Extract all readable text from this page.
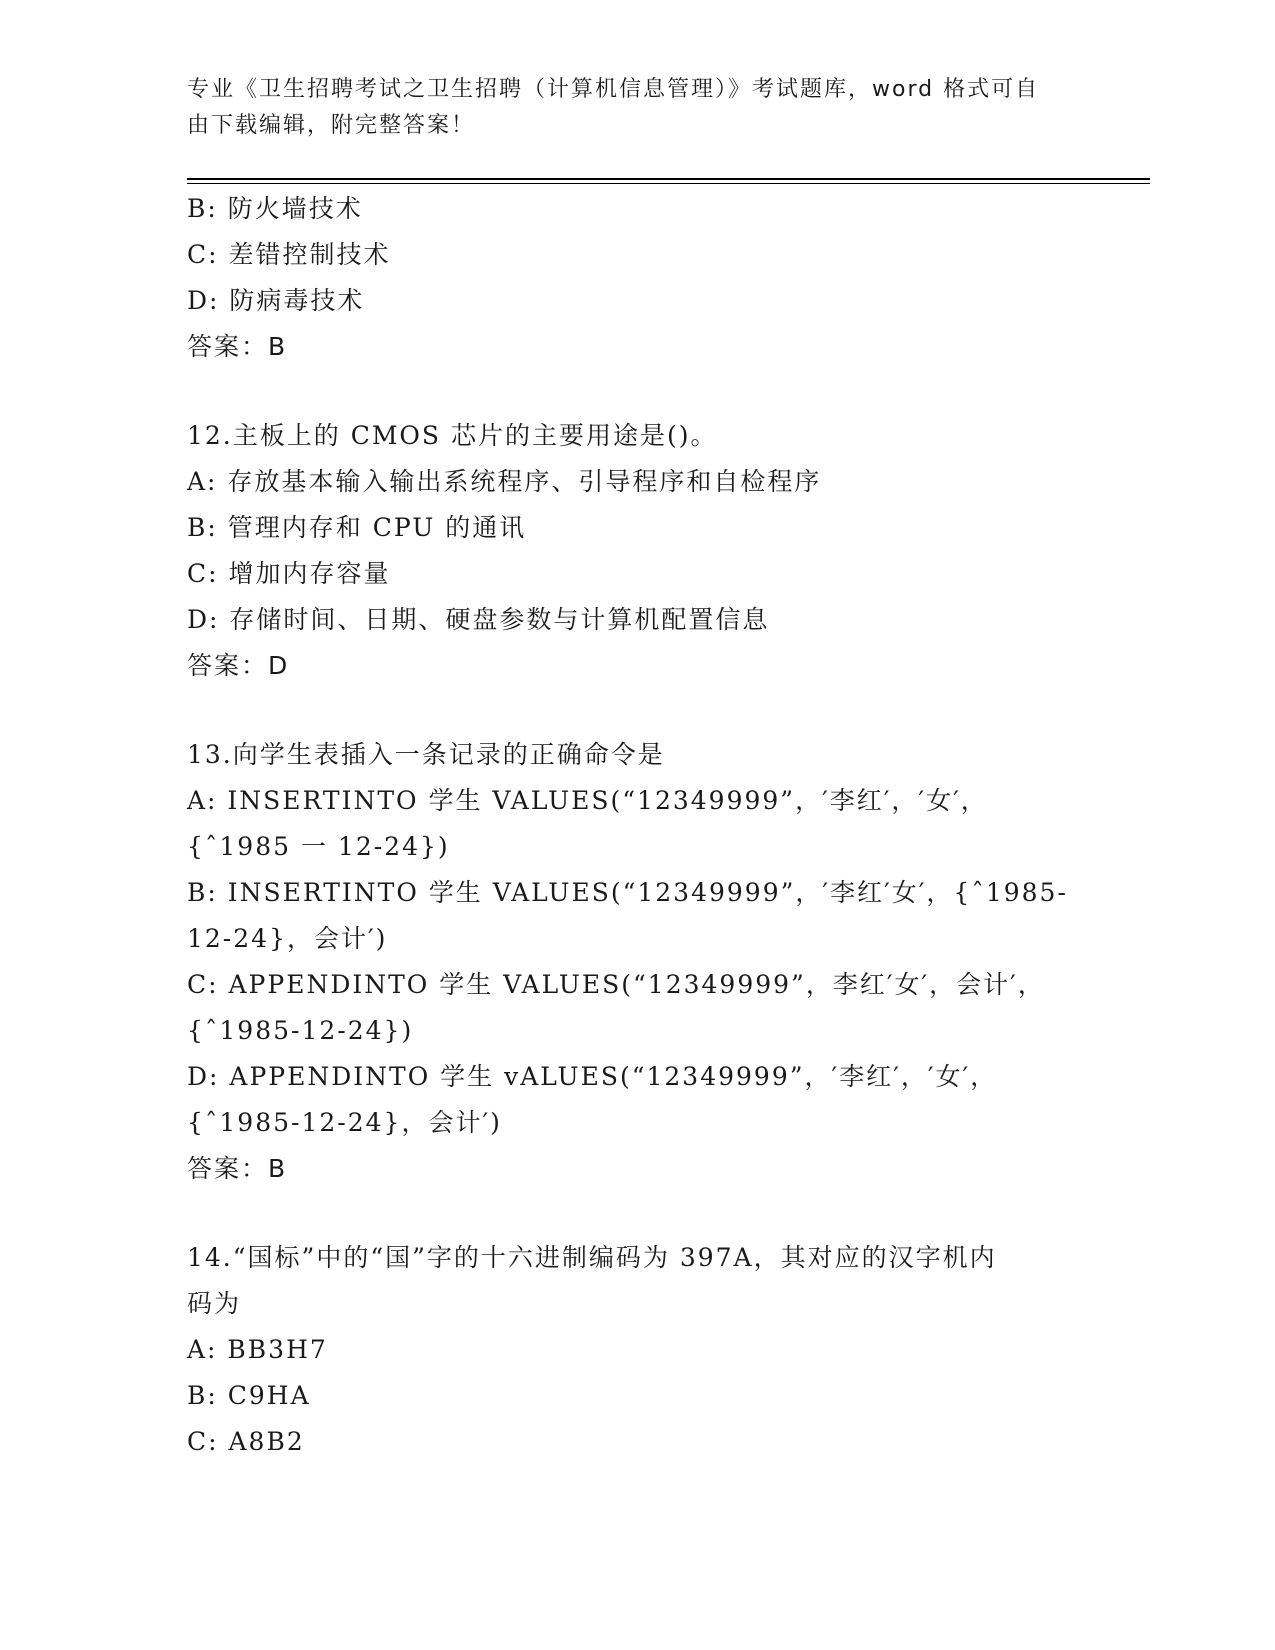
专业《卫生招聘考试之卫生招聘（计算机信息管理）》考试题库，word 格式可自
由下载编辑，附完整答案！
B: 防火墙技术
C: 差错控制技术
D: 防病毒技术
答案：B
12.主板上的 CMOS 芯片的主要用途是()。
A: 存放基本输入输出系统程序、引导程序和自检程序
B: 管理内存和 CPU 的通讯
C: 增加内存容量
D: 存储时间、日期、硬盘参数与计算机配置信息
答案：D
13.向学生表插入一条记录的正确命令是
A: INSERTINTO 学生 VALUES(“12349999”，′李红′，′女′，
{ˆ1985 一 12-24})
B: INSERTINTO 学生 VALUES(“12349999”，′李红′女′，{ˆ1985-
12-24}，会计′)
C: APPENDINTO 学生 VALUES(“12349999”，李红′女′，会计′，
{ˆ1985-12-24})
D: APPENDINTO 学生 vALUES(“12349999”，′李红′，′女′，
{ˆ1985-12-24}，会计′)
答案：B
14.“国标”中的“国”字的十六进制编码为 397A，其对应的汉字机内
码为
A: BB3H7
B: C9HA
C: A8B2
